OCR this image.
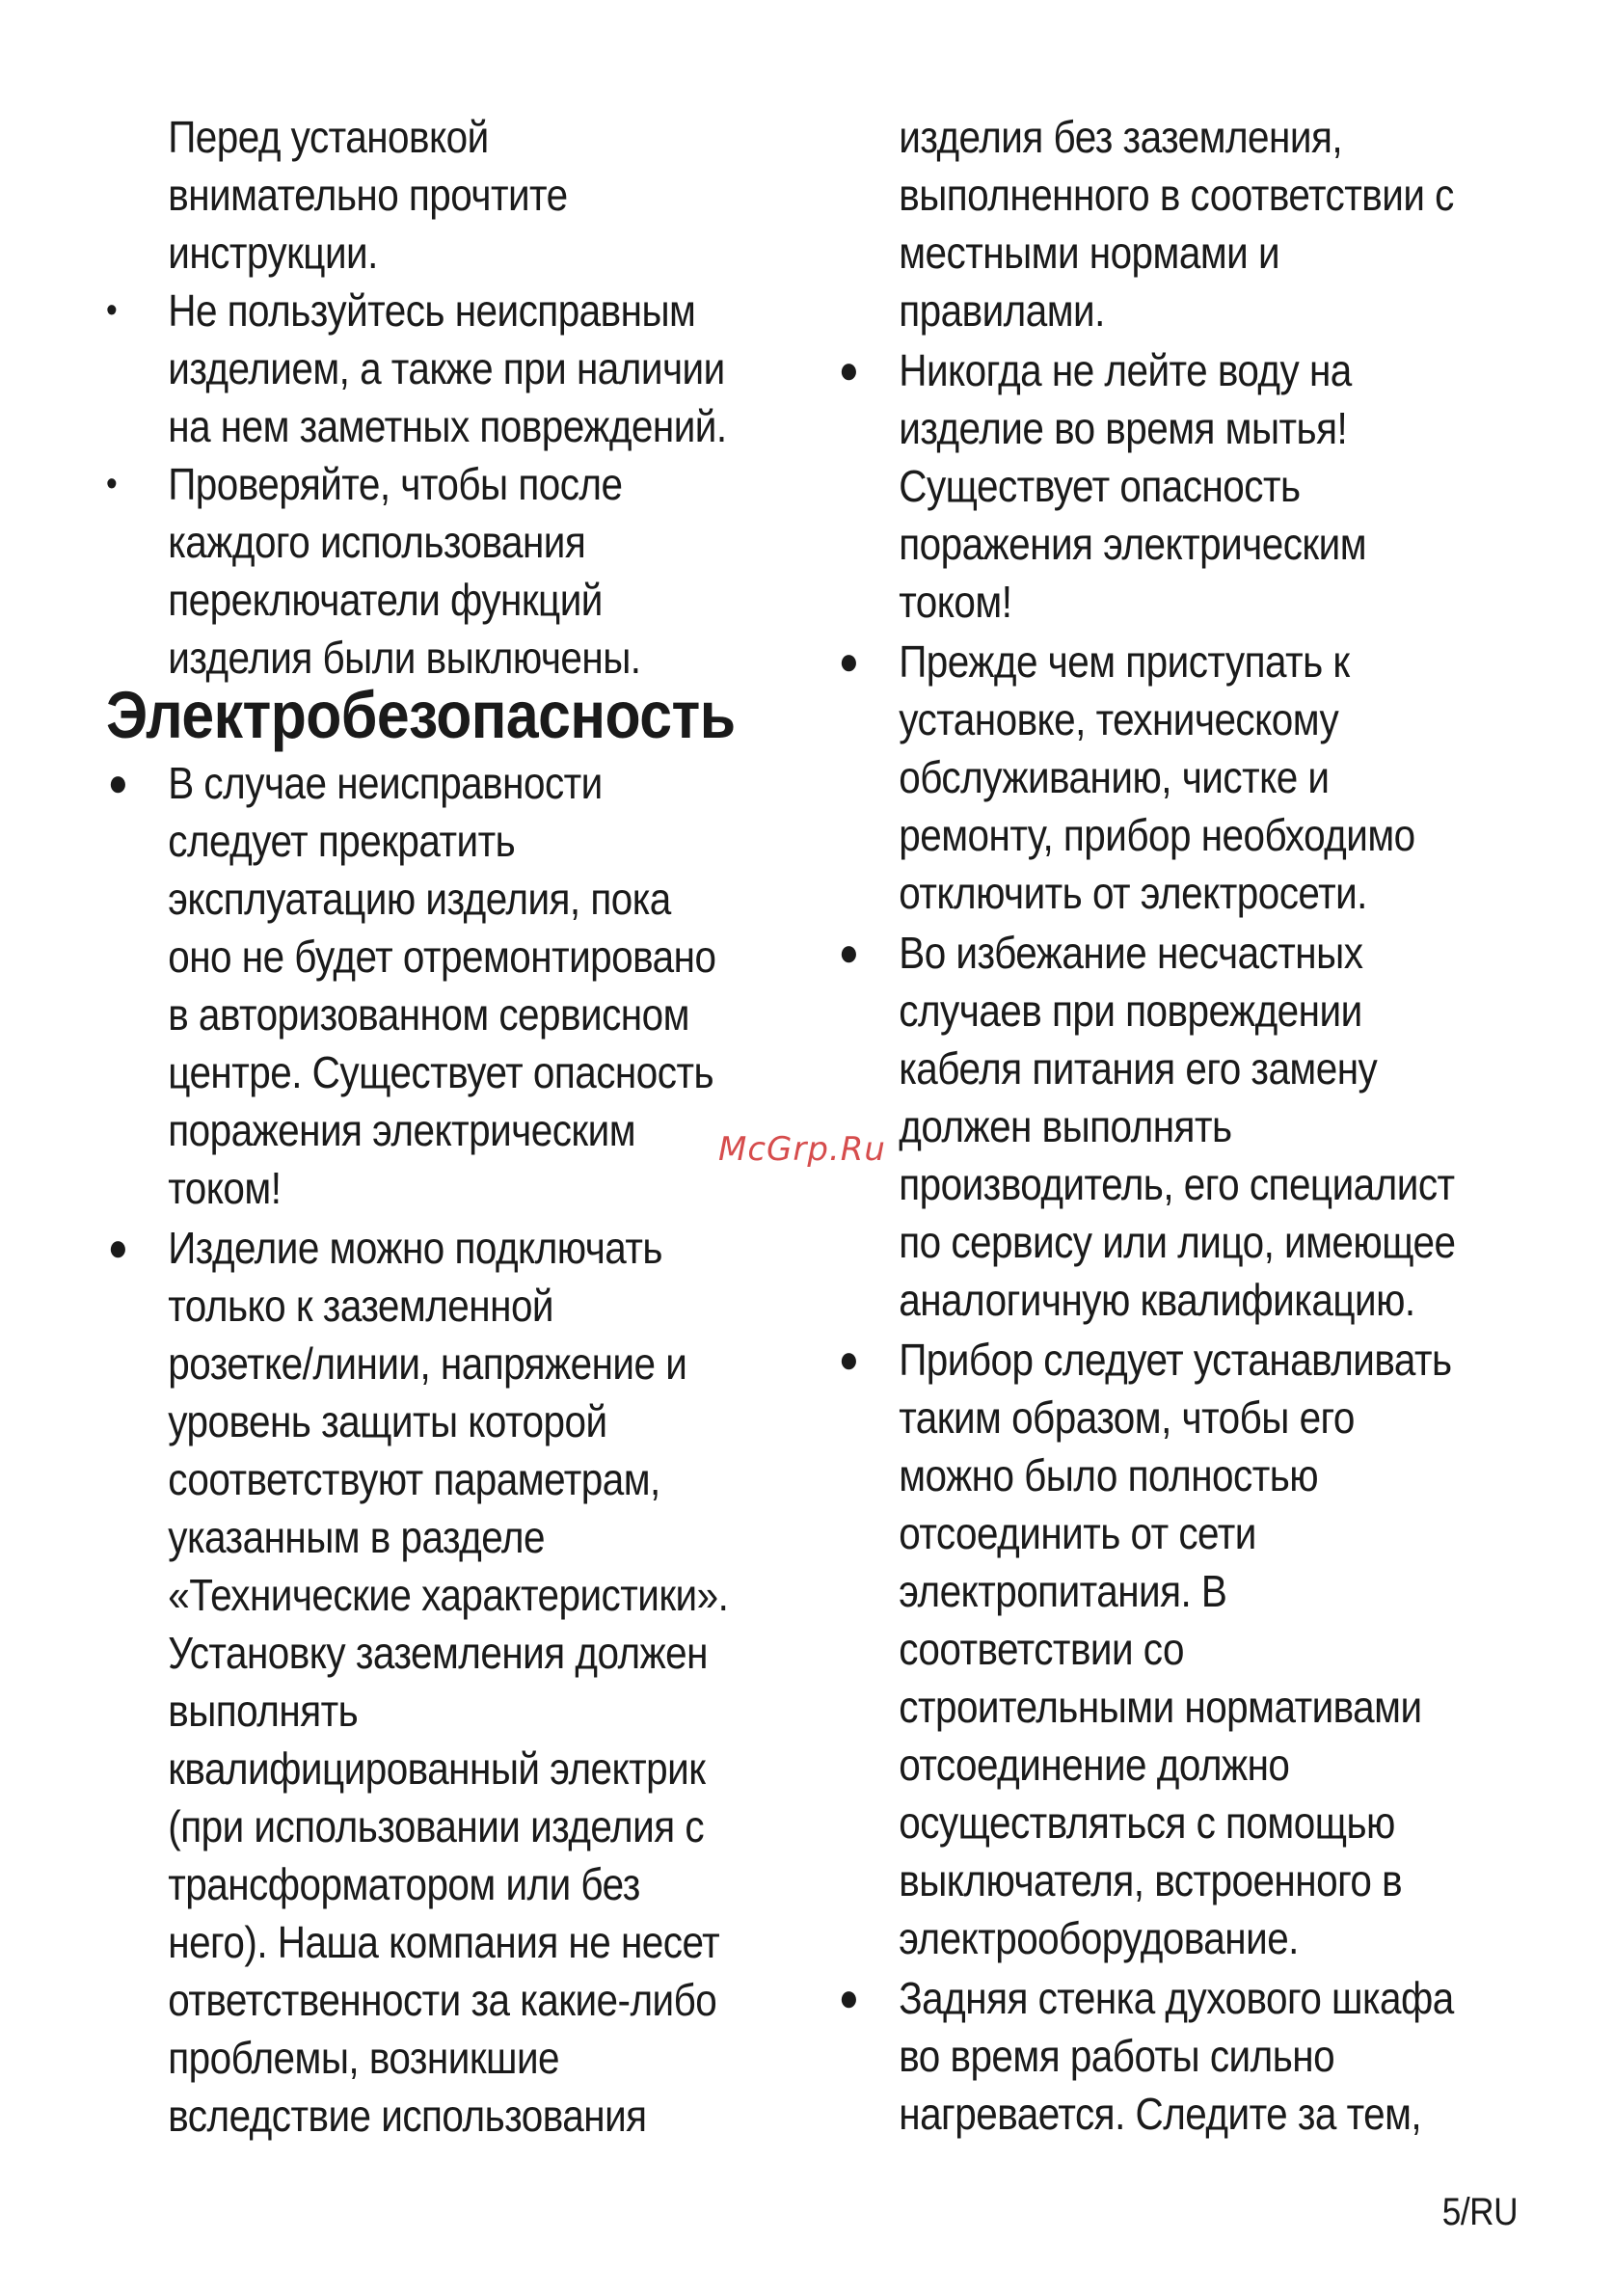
Перед установкой
внимательно прочтите
инструкции.

•	Не пользуйтесь неисправным
изделием, а также при наличии
на нем заметных повреждений.
•	Проверяйте, чтобы после
каждого использования
переключатели функций
изделия были выключены.
Электробезопасность
● В случае неисправности
следует прекратить
эксплуатацию изделия, пока
оно не будет отремонтировано
в авторизованном сервисном
центре. Существует опасность
поражения электрическим
током!
● Изделие можно подключать
только к заземленной
розетке/линии, напряжение и
уровень защиты которой
соответствуют параметрам,
указанным в разделе
«Технические характеристики».
Установку заземления должен
выполнять
квалифицированный электрик
(при использовании изделия с
трансформатором или без
него). Наша компания не несет
ответственности за какие-либо
проблемы, возникшие
вследствие использования

изделия без заземления,
выполненного в соответствии с
местными нормами и
правилами.

● Никогда не лейте воду на
изделие во время мытья!
Существует опасность
поражения электрическим
током!
● Прежде чем приступать к
установке, техническому
обслуживанию, чистке и
ремонту, прибор необходимо
отключить от электросети.
● Во избежание несчастных
случаев при повреждении
кабеля питания его замену
должен выполнять
производитель, его специалист
по сервису или лицо, имеющее
аналогичную квалификацию.
● Прибор следует устанавливать
таким образом, чтобы его
можно было полностью
отсоединить от сети
электропитания. В
соответствии со
строительными нормативами
отсоединение должно
осуществляться с помощью
выключателя, встроенного в
электрооборудование.
● Задняя стенка духового шкафа
во время работы сильно
нагревается. Следите за тем,
McGrp.Ru
5/RU
